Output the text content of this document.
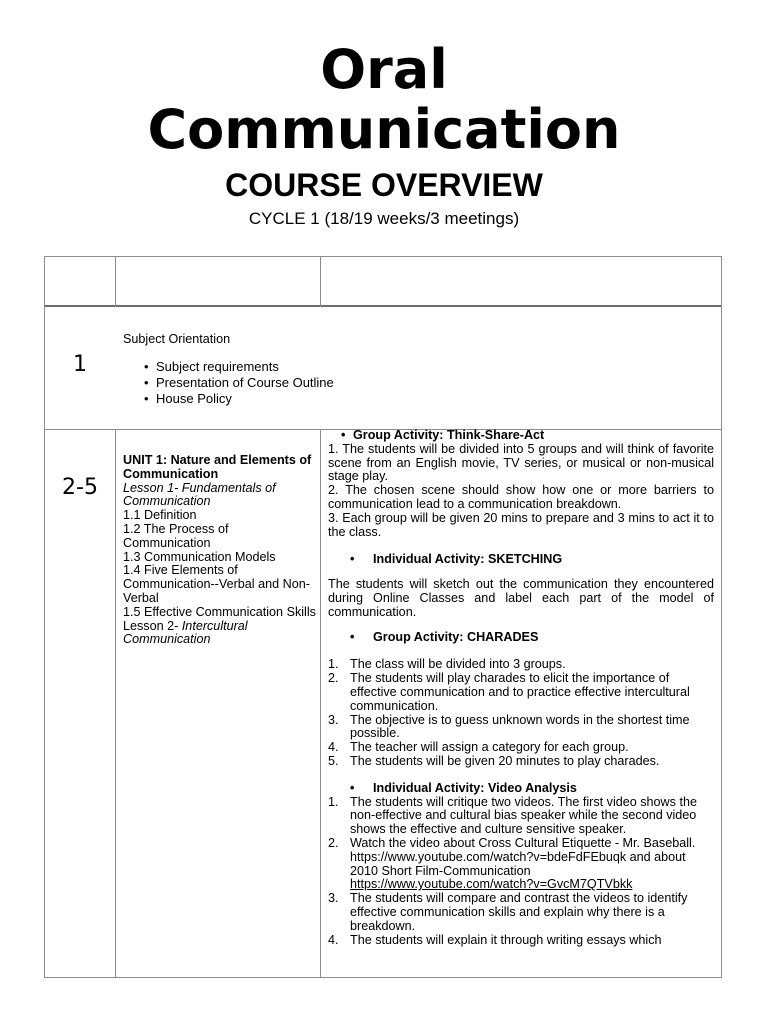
Oral
Communication
COURSE OVERVIEW
CYCLE 1 (18/19 weeks/3 meetings)
1

Subject Orientation

• Subject requirements
• Presentation of Course Outline
• House Policy
2-5

UNIT 1: Nature and Elements of Communication

Lesson 1- Fundamentals of Communication

1.1 Definition

1.2 The Process of Communication

1.3 Communication Models

1.4 Five Elements of Communication--Verbal and Non-Verbal

1.5 Effective Communication Skills

Lesson 2- Intercultural Communication

• Group Activity: Think-Share-Act

1. The students will be divided into 5 groups and will think of favorite scene from an English movie, TV series, or musical or non-musical stage play.

2. The chosen scene should show how one or more barriers to communication lead to a communication breakdown.

3. Each group will be given 20 mins to prepare and 3 mins to act it to the class.

• Individual Activity: SKETCHING

The students will sketch out the communication they encountered during Online Classes and label each part of the model of communication.

• Group Activity: CHARADES

1. The class will be divided into 3 groups.
2. The students will play charades to elicit the importance of effective communication and to practice effective intercultural communication.
3. The objective is to guess unknown words in the shortest time possible.
4. The teacher will assign a category for each group.
5. The students will be given 20 minutes to play charades.

• Individual Activity: Video Analysis

1. The students will critique two videos. The first video shows the non-effective and cultural bias speaker while the second video shows the effective and culture sensitive speaker.
2. Watch the video about Cross Cultural Etiquette - Mr. Baseball. https://www.youtube.com/watch?v=bdeFdFEbuqk and about 2010 Short Film-Communication https://www.youtube.com/watch?v=GvcM7QTVbkk
3. The students will compare and contrast the videos to identify effective communication skills and explain why there is a breakdown.
4. The students will explain it through writing essays which
